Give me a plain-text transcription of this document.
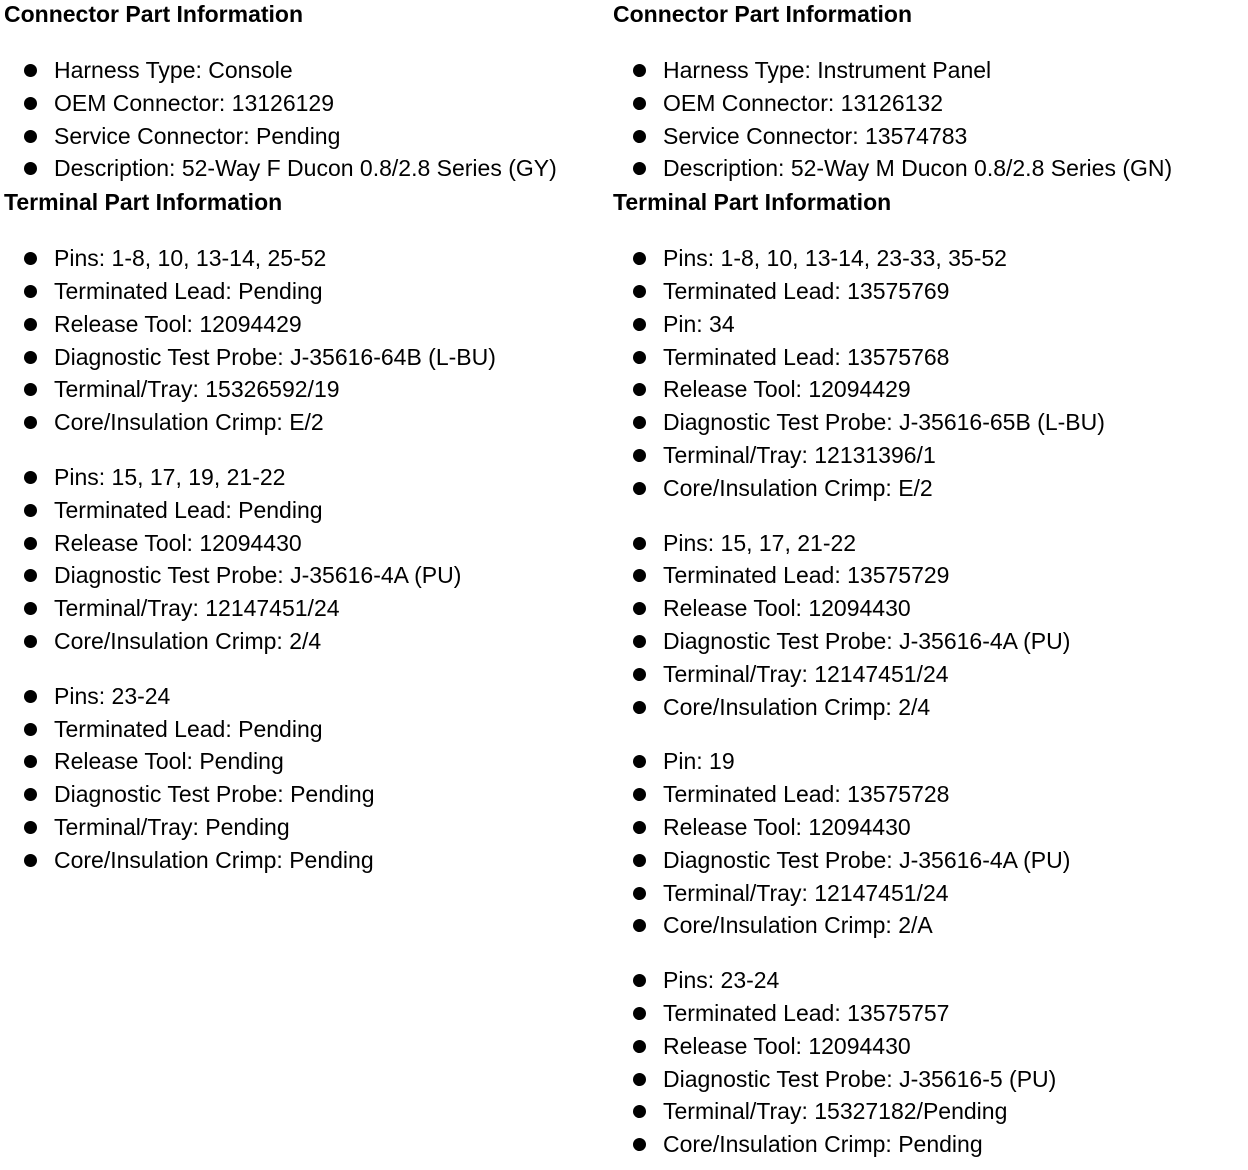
Connector Part Information
Harness Type: Console
OEM Connector: 13126129
Service Connector: Pending
Description: 52-Way F Ducon 0.8/2.8 Series (GY)
Terminal Part Information
Pins: 1-8, 10, 13-14, 25-52
Terminated Lead: Pending
Release Tool: 12094429
Diagnostic Test Probe: J-35616-64B (L-BU)
Terminal/Tray: 15326592/19
Core/Insulation Crimp: E/2
Pins: 15, 17, 19, 21-22
Terminated Lead: Pending
Release Tool: 12094430
Diagnostic Test Probe: J-35616-4A (PU)
Terminal/Tray: 12147451/24
Core/Insulation Crimp: 2/4
Pins: 23-24
Terminated Lead: Pending
Release Tool: Pending
Diagnostic Test Probe: Pending
Terminal/Tray: Pending
Core/Insulation Crimp: Pending
Connector Part Information
Harness Type: Instrument Panel
OEM Connector: 13126132
Service Connector: 13574783
Description: 52-Way M Ducon 0.8/2.8 Series (GN)
Terminal Part Information
Pins: 1-8, 10, 13-14, 23-33, 35-52
Terminated Lead: 13575769
Pin: 34
Terminated Lead: 13575768
Release Tool: 12094429
Diagnostic Test Probe: J-35616-65B (L-BU)
Terminal/Tray: 12131396/1
Core/Insulation Crimp: E/2
Pins: 15, 17, 21-22
Terminated Lead: 13575729
Release Tool: 12094430
Diagnostic Test Probe: J-35616-4A (PU)
Terminal/Tray: 12147451/24
Core/Insulation Crimp: 2/4
Pin: 19
Terminated Lead: 13575728
Release Tool: 12094430
Diagnostic Test Probe: J-35616-4A (PU)
Terminal/Tray: 12147451/24
Core/Insulation Crimp: 2/A
Pins: 23-24
Terminated Lead: 13575757
Release Tool: 12094430
Diagnostic Test Probe: J-35616-5 (PU)
Terminal/Tray: 15327182/Pending
Core/Insulation Crimp: Pending
